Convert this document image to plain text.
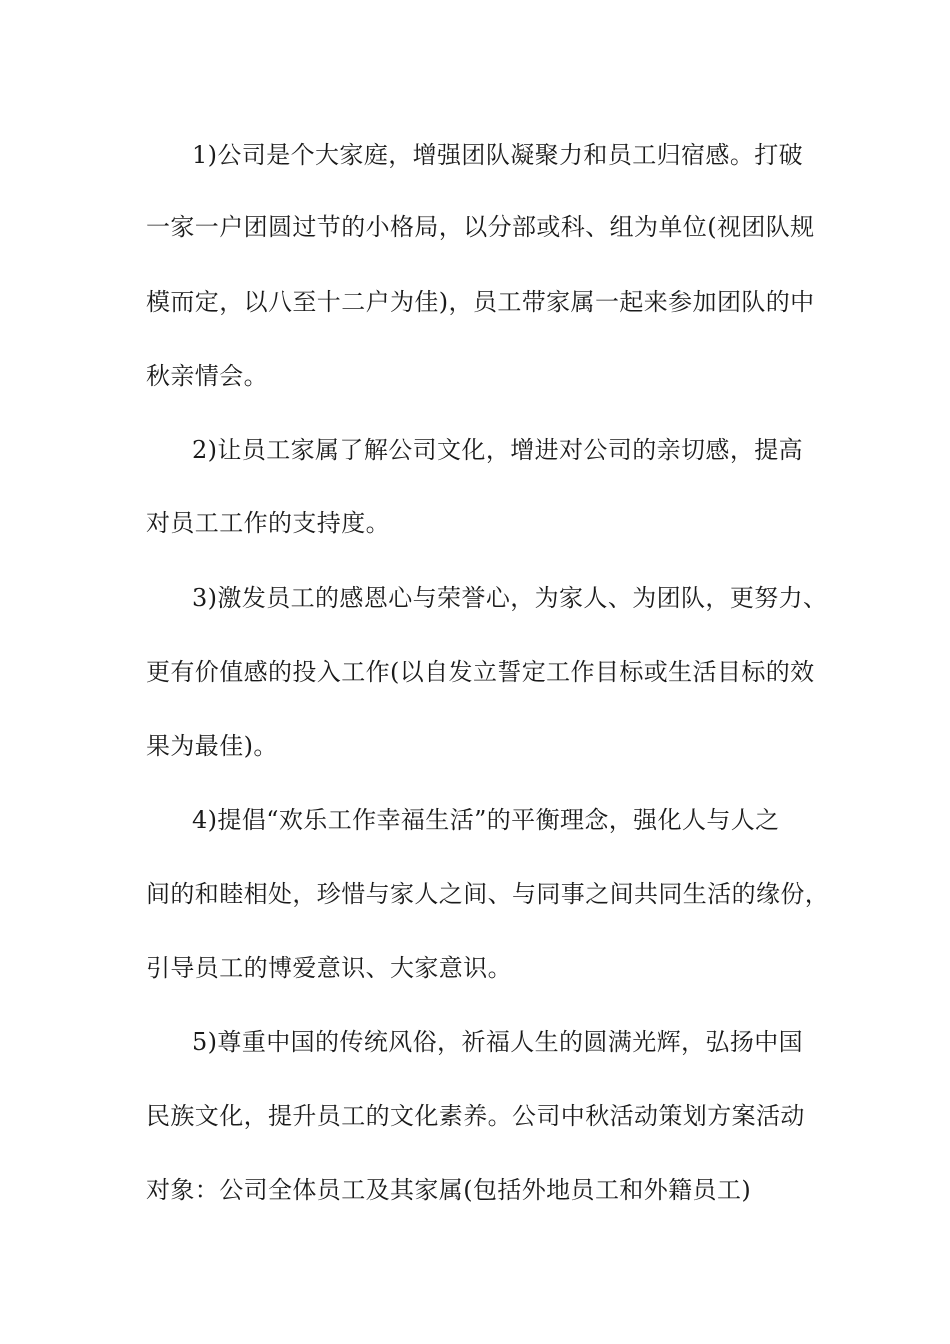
1)公司是个大家庭，增强团队凝聚力和员工归宿感。打破
一家一户团圆过节的小格局，以分部或科、组为单位(视团队规
模而定，以八至十二户为佳)，员工带家属一起来参加团队的中
秋亲情会。
2)让员工家属了解公司文化，增进对公司的亲切感，提高
对员工工作的支持度。
3)激发员工的感恩心与荣誉心，为家人、为团队，更努力、
更有价值感的投入工作(以自发立誓定工作目标或生活目标的效
果为最佳)。
4)提倡“欢乐工作幸福生活”的平衡理念，强化人与人之
间的和睦相处，珍惜与家人之间、与同事之间共同生活的缘份，
引导员工的博爱意识、大家意识。
5)尊重中国的传统风俗，祈福人生的圆满光辉，弘扬中国
民族文化，提升员工的文化素养。公司中秋活动策划方案活动
对象：公司全体员工及其家属(包括外地员工和外籍员工)
